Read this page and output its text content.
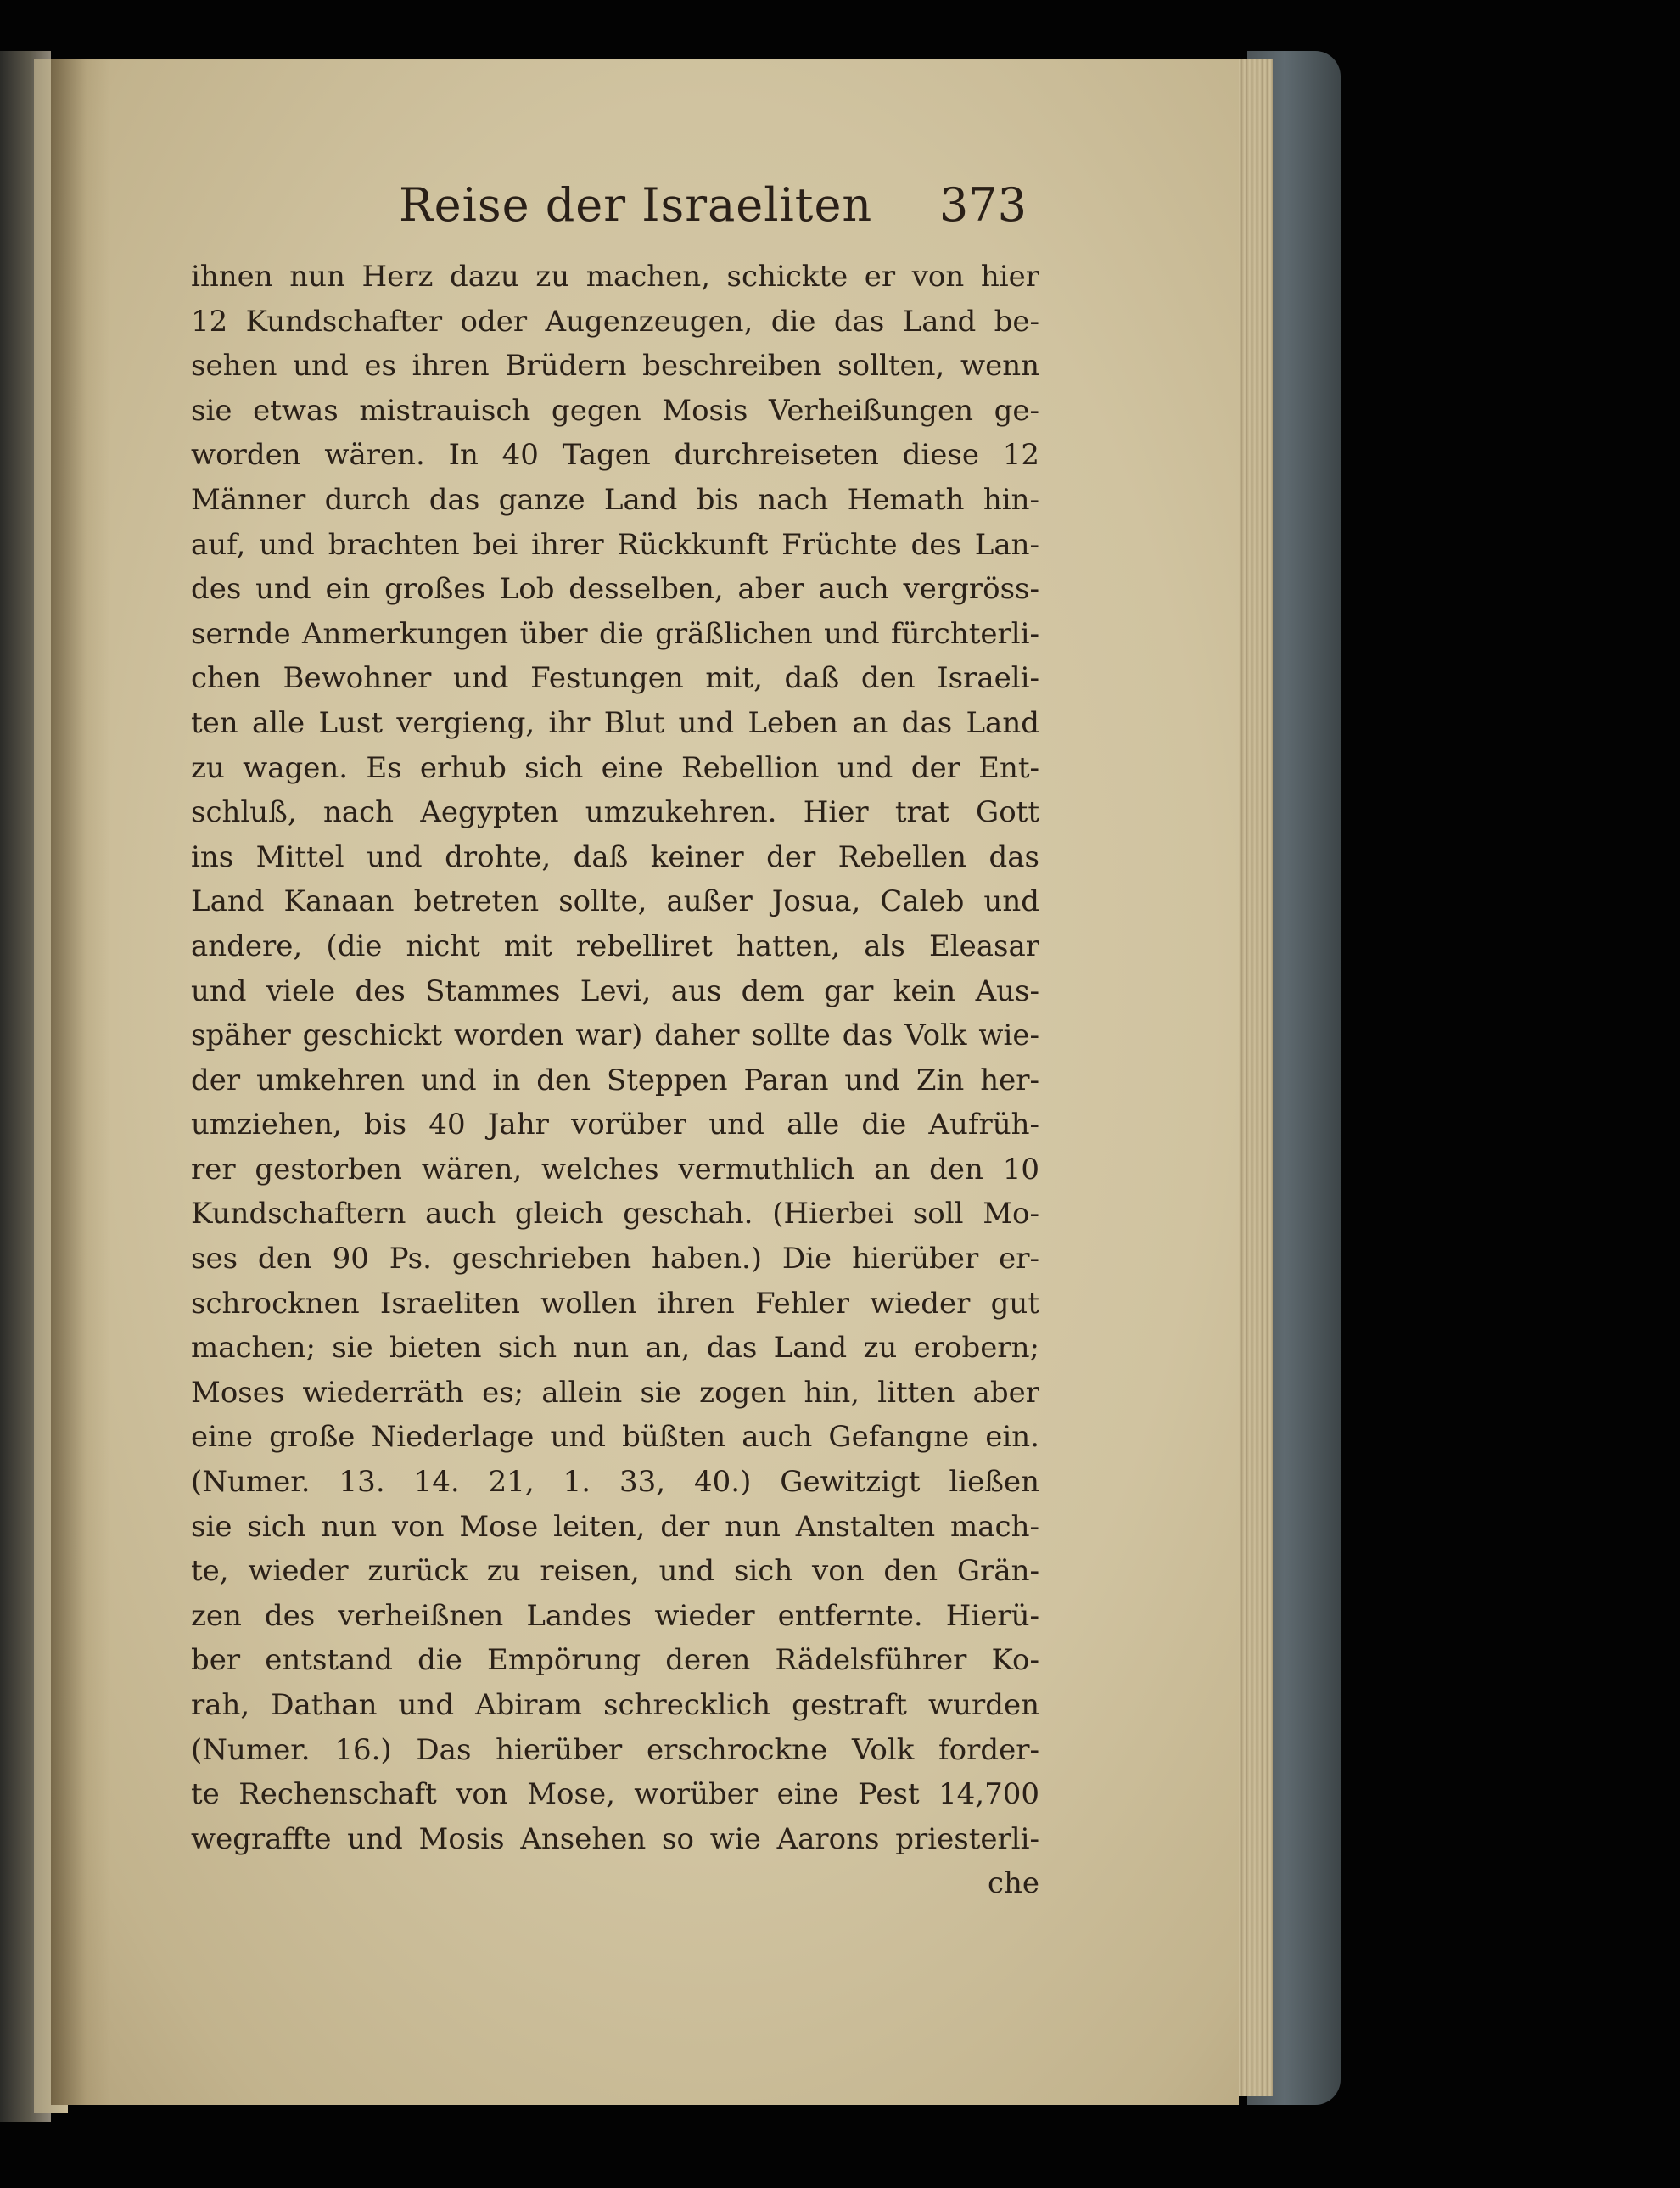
Reise der Israeliten 373
ihnen nun Herz dazu zu machen, schickte er von hier
12 Kundschafter oder Augenzeugen, die das Land be-
sehen und es ihren Brüdern beschreiben sollten, wenn
sie etwas mistrauisch gegen Mosis Verheißungen ge-
worden wären. In 40 Tagen durchreiseten diese 12
Männer durch das ganze Land bis nach Hemath hin-
auf, und brachten bei ihrer Rückkunft Früchte des Lan-
des und ein großes Lob desselben, aber auch vergröss-
sernde Anmerkungen über die gräßlichen und fürchterli-
chen Bewohner und Festungen mit, daß den Israeli-
ten alle Lust vergieng, ihr Blut und Leben an das Land
zu wagen. Es erhub sich eine Rebellion und der Ent-
schluß, nach Aegypten umzukehren. Hier trat Gott
ins Mittel und drohte, daß keiner der Rebellen das
Land Kanaan betreten sollte, außer Josua, Caleb und
andere, (die nicht mit rebelliret hatten, als Eleasar
und viele des Stammes Levi, aus dem gar kein Aus-
späher geschickt worden war) daher sollte das Volk wie-
der umkehren und in den Steppen Paran und Zin her-
umziehen, bis 40 Jahr vorüber und alle die Aufrüh-
rer gestorben wären, welches vermuthlich an den 10
Kundschaftern auch gleich geschah. (Hierbei soll Mo-
ses den 90 Ps. geschrieben haben.) Die hierüber er-
schrocknen Israeliten wollen ihren Fehler wieder gut
machen; sie bieten sich nun an, das Land zu erobern;
Moses wiederräth es; allein sie zogen hin, litten aber
eine große Niederlage und büßten auch Gefangne ein.
(Numer. 13. 14. 21, 1. 33, 40.) Gewitzigt ließen
sie sich nun von Mose leiten, der nun Anstalten mach-
te, wieder zurück zu reisen, und sich von den Grän-
zen des verheißnen Landes wieder entfernte. Hierü-
ber entstand die Empörung deren Rädelsführer Ko-
rah, Dathan und Abiram schrecklich gestraft wurden
(Numer. 16.) Das hierüber erschrockne Volk forder-
te Rechenschaft von Mose, worüber eine Pest 14,700
wegraffte und Mosis Ansehen so wie Aarons priesterli-
che
